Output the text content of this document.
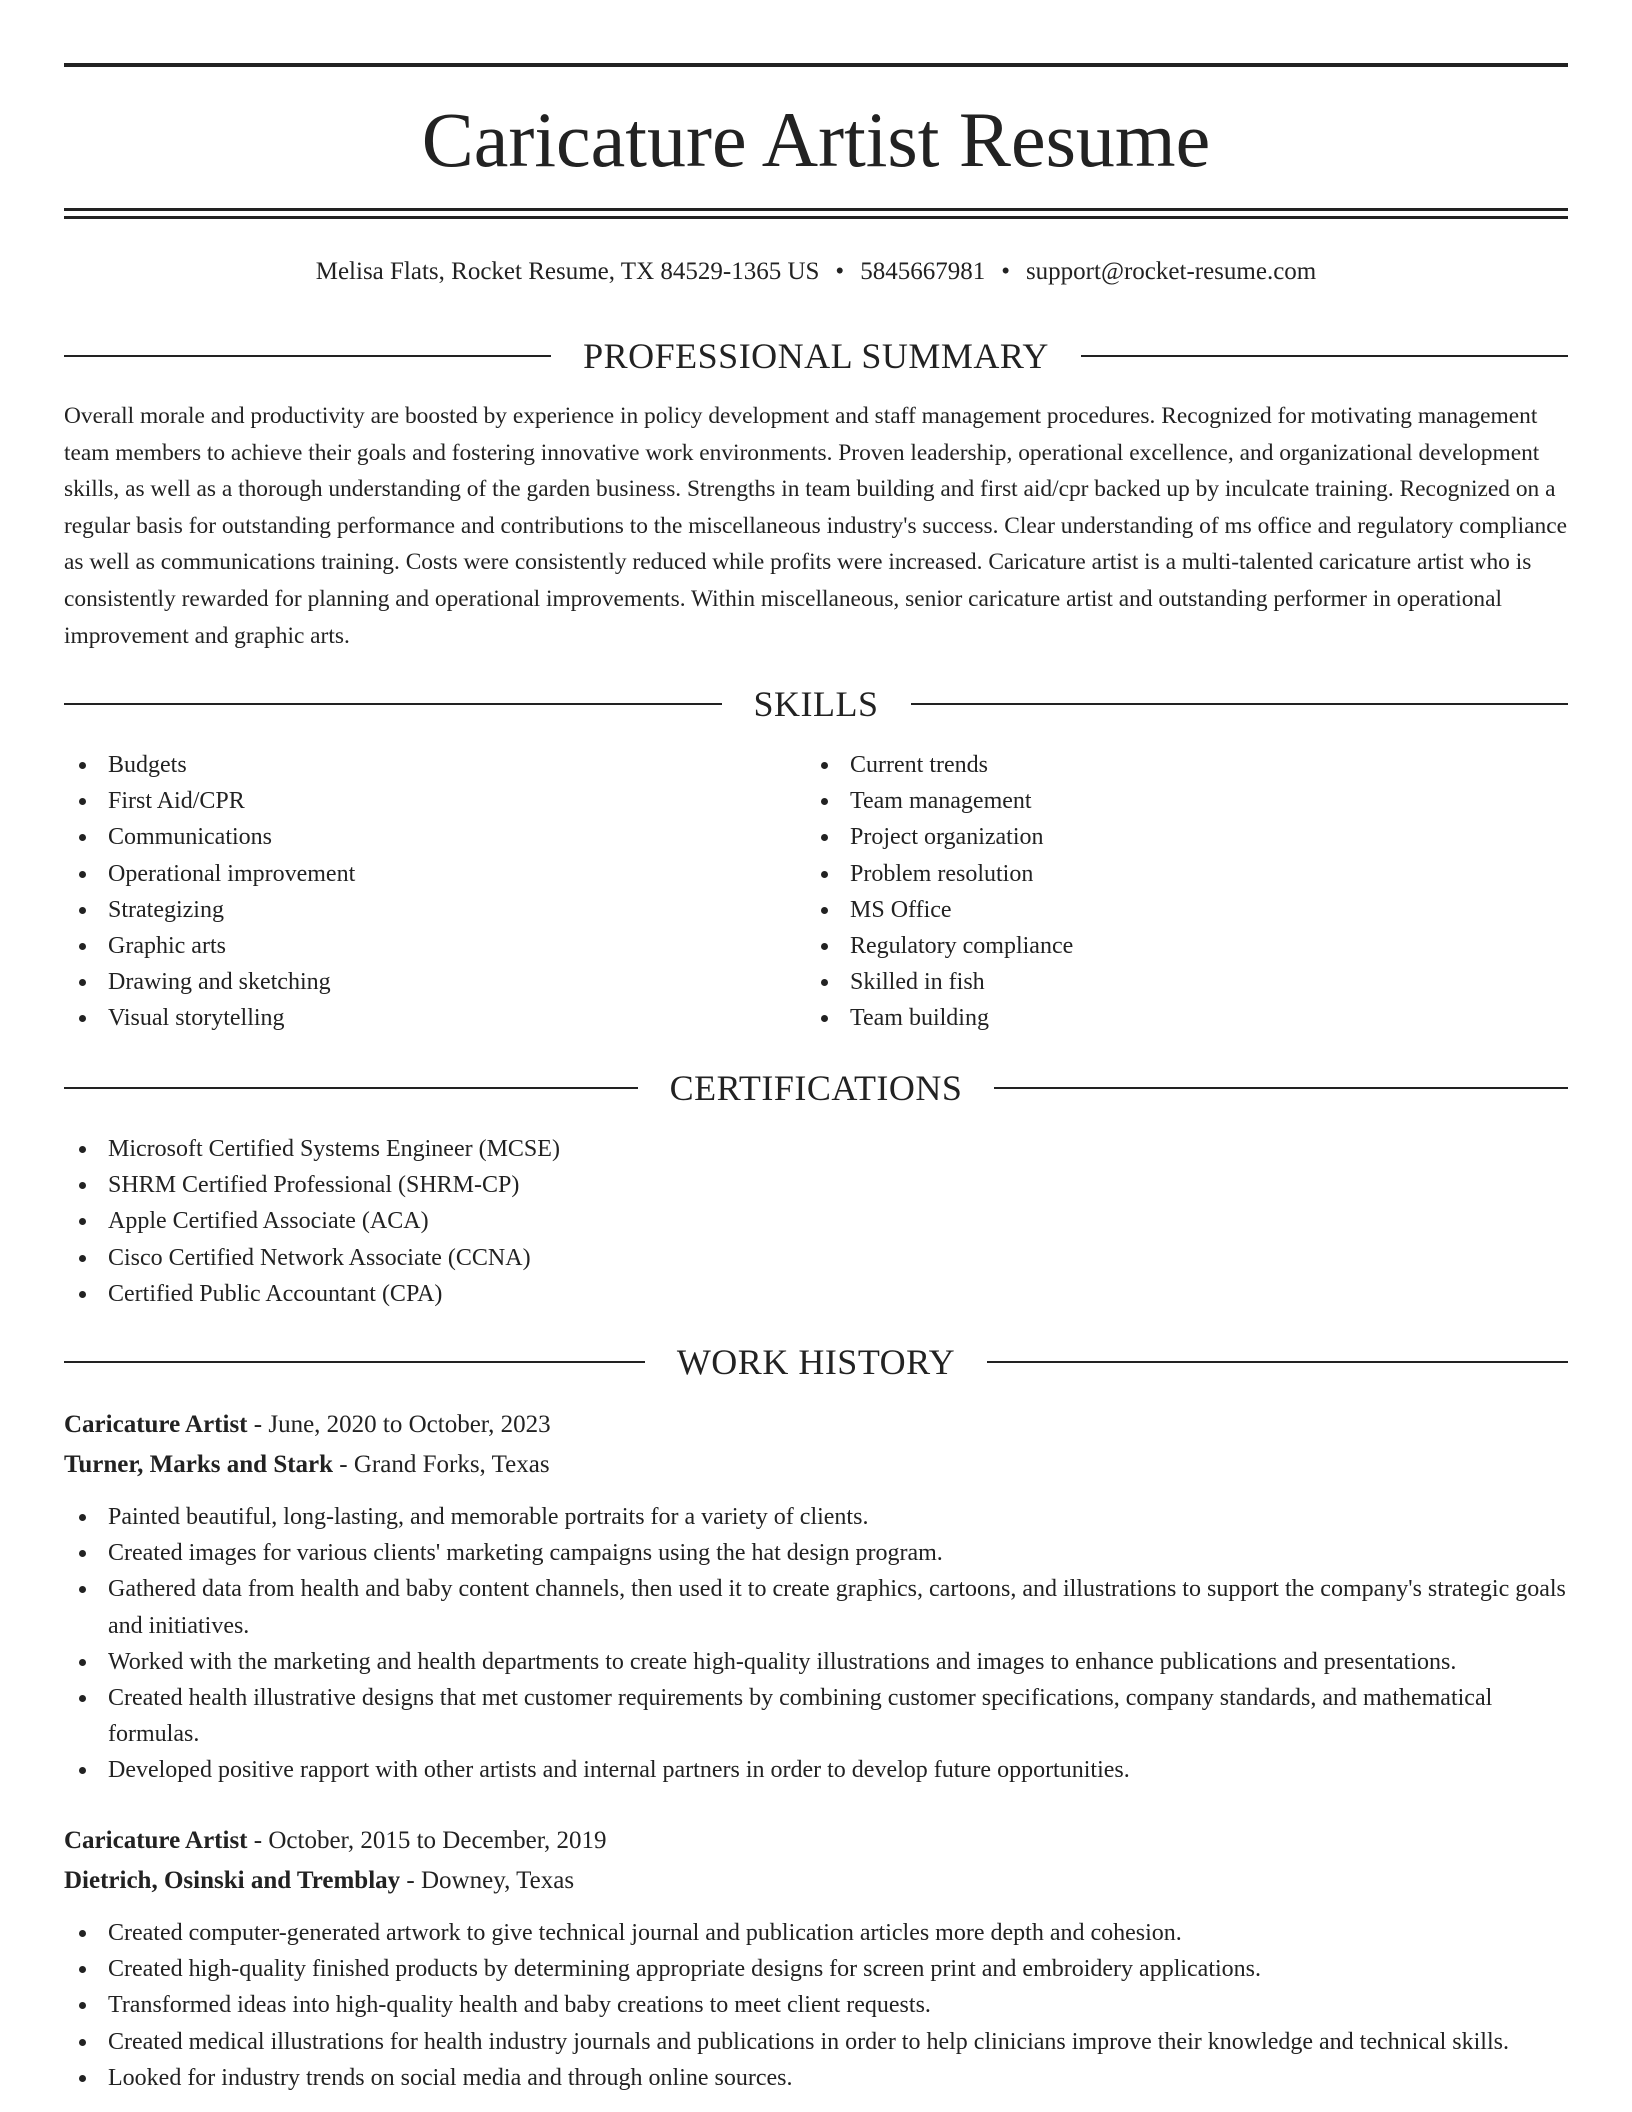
Caricature Artist Resume
Melisa Flats, Rocket Resume, TX 84529-1365 US • 5845667981 • support@rocket-resume.com
PROFESSIONAL SUMMARY

Overall morale and productivity are boosted by experience in policy development and staff management procedures. Recognized for motivating management team members to achieve their goals and fostering innovative work environments. Proven leadership, operational excellence, and organizational development skills, as well as a thorough understanding of the garden business. Strengths in team building and first aid/cpr backed up by inculcate training. Recognized on a regular basis for outstanding performance and contributions to the miscellaneous industry's success. Clear understanding of ms office and regulatory compliance as well as communications training. Costs were consistently reduced while profits were increased. Caricature artist is a multi-talented caricature artist who is consistently rewarded for planning and operational improvements. Within miscellaneous, senior caricature artist and outstanding performer in operational improvement and graphic arts.

SKILLS
Budgets
First Aid/CPR
Communications
Operational improvement
Strategizing
Graphic arts
Drawing and sketching
Visual storytelling
Current trends
Team management
Project organization
Problem resolution
MS Office
Regulatory compliance
Skilled in fish
Team building
CERTIFICATIONS
Microsoft Certified Systems Engineer (MCSE)
SHRM Certified Professional (SHRM-CP)
Apple Certified Associate (ACA)
Cisco Certified Network Associate (CCNA)
Certified Public Accountant (CPA)
WORK HISTORY
Caricature Artist - June, 2020 to October, 2023
Turner, Marks and Stark - Grand Forks, Texas
Painted beautiful, long-lasting, and memorable portraits for a variety of clients.
Created images for various clients' marketing campaigns using the hat design program.
Gathered data from health and baby content channels, then used it to create graphics, cartoons, and illustrations to support the company's strategic goals and initiatives.
Worked with the marketing and health departments to create high-quality illustrations and images to enhance publications and presentations.
Created health illustrative designs that met customer requirements by combining customer specifications, company standards, and mathematical formulas.
Developed positive rapport with other artists and internal partners in order to develop future opportunities.
Caricature Artist - October, 2015 to December, 2019
Dietrich, Osinski and Tremblay - Downey, Texas
Created computer-generated artwork to give technical journal and publication articles more depth and cohesion.
Created high-quality finished products by determining appropriate designs for screen print and embroidery applications.
Transformed ideas into high-quality health and baby creations to meet client requests.
Created medical illustrations for health industry journals and publications in order to help clinicians improve their knowledge and technical skills.
Looked for industry trends on social media and through online sources.
